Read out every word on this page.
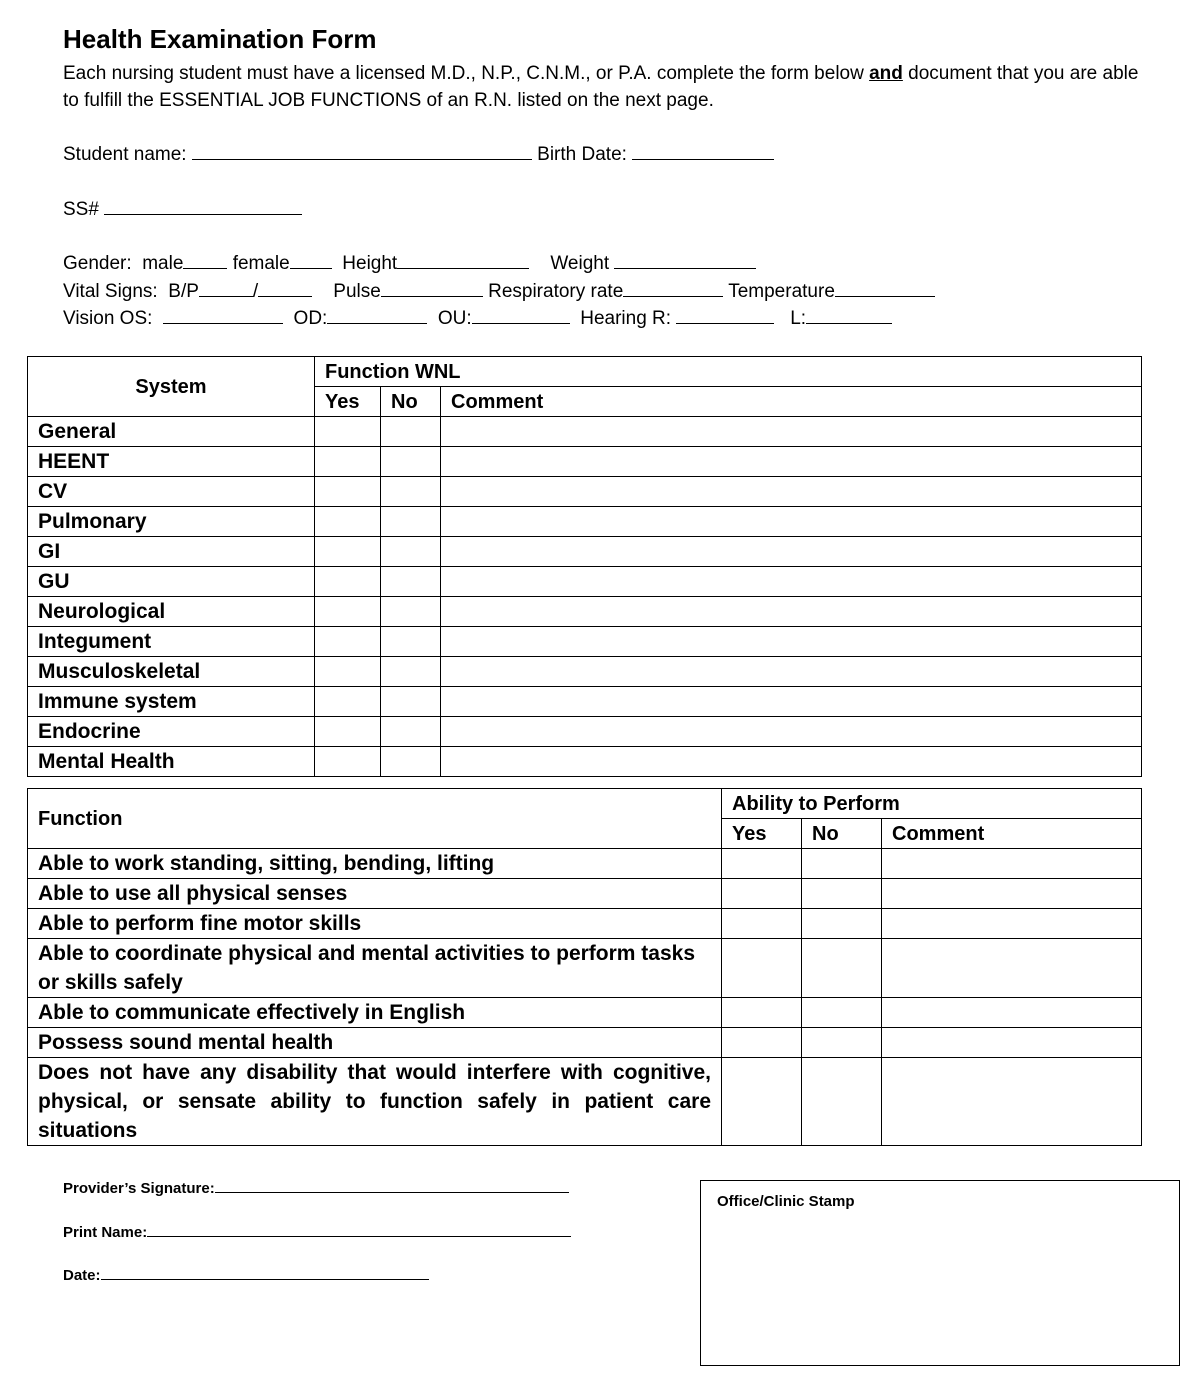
Health Examination Form
Each nursing student must have a licensed M.D., N.P., C.N.M., or P.A. complete the form below and document that you are able to fulfill the ESSENTIAL JOB FUNCTIONS of an R.N. listed on the next page.
Student name:	Birth Date:
SS#
Gender: male	female	Height	Weight
Vital Signs: B/P	/	Pulse	Respiratory rate	Temperature
Vision OS:	OD:	OU:	Hearing R:	L:
System	Function WNL		
	Yes	No	Comment
General			
HEENT			
CV			
Pulmonary			
GI			
GU			
Neurological			
Integument			
Musculoskeletal			
Immune system			
Endocrine			
Mental Health			
Function	Ability to Perform		
	Yes	No	Comment
Able to work standing, sitting, bending, lifting			
Able to use all physical senses			
Able to perform fine motor skills			
Able to coordinate physical and mental activities to perform tasks or skills safely			
Able to communicate effectively in English			
Possess sound mental health			
Does not have any disability that would interfere with cognitive, physical, or sensate ability to function safely in patient care situations			
Provider’s Signature:
Print Name:
Date:
Office/Clinic Stamp
